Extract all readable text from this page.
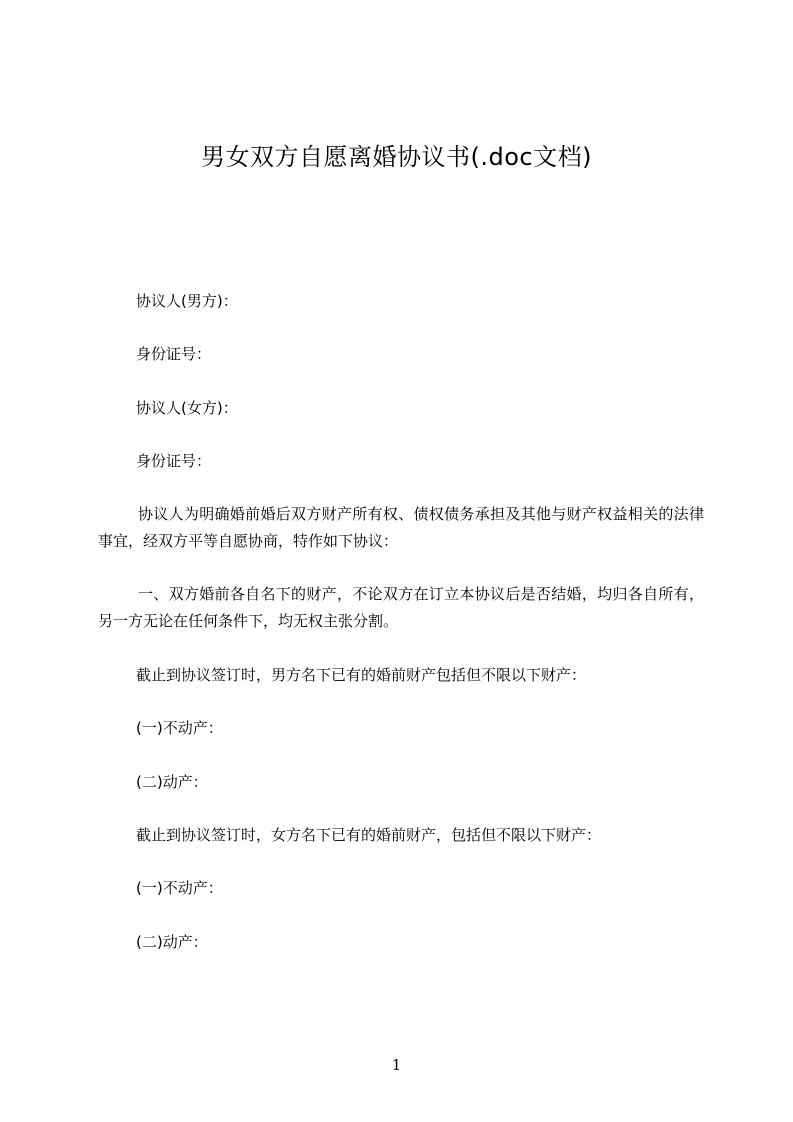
男女双方自愿离婚协议书(.doc文档)
协议人(男方)：
身份证号：
协议人(女方)：
身份证号：
协议人为明确婚前婚后双方财产所有权、债权债务承担及其他与财产权益相关的法律事宜，经双方平等自愿协商，特作如下协议：
一、双方婚前各自名下的财产，不论双方在订立本协议后是否结婚，均归各自所有，另一方无论在任何条件下，均无权主张分割。
截止到协议签订时，男方名下已有的婚前财产包括但不限以下财产：
(一)不动产：
(二)动产：
截止到协议签订时，女方名下已有的婚前财产，包括但不限以下财产：
(一)不动产：
(二)动产：
1
